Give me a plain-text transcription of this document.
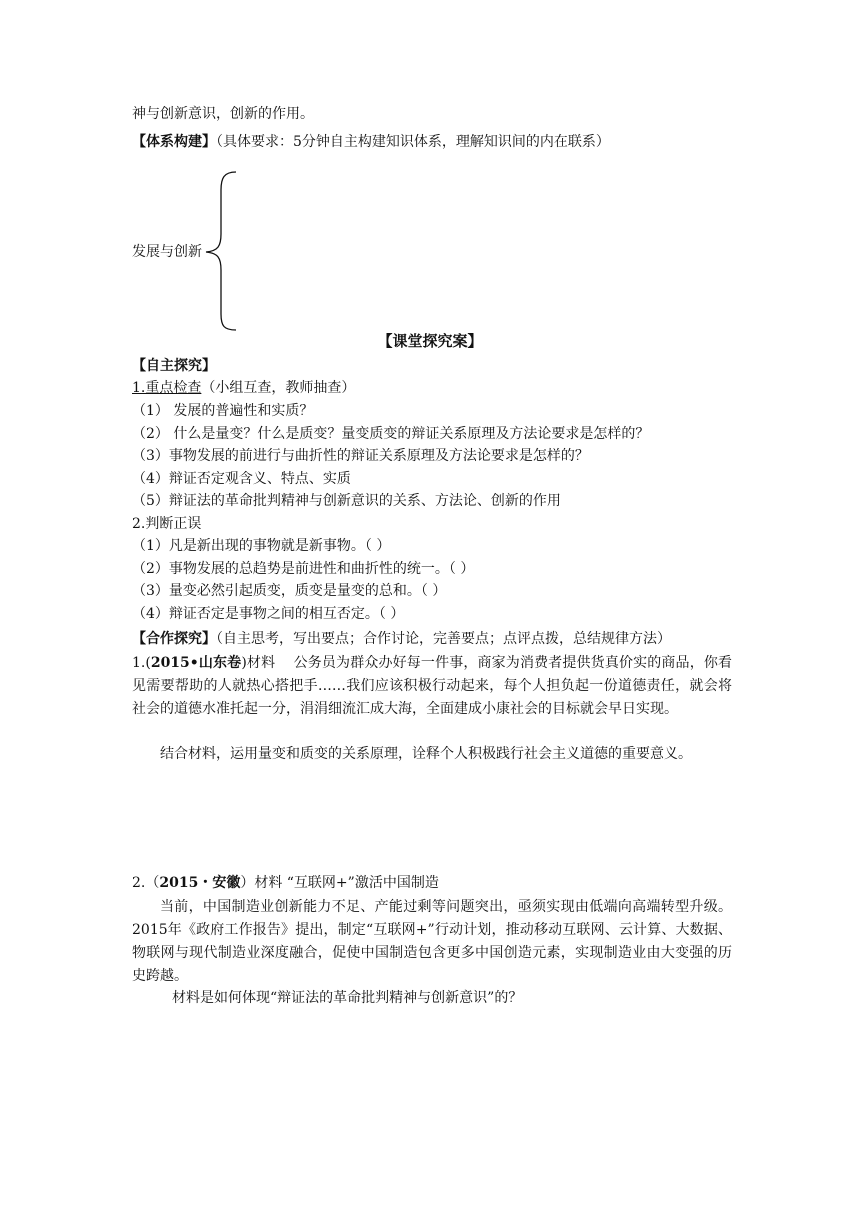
神与创新意识，创新的作用。
【体系构建】（具体要求：5分钟自主构建知识体系，理解知识间的内在联系）
发展与创新
【课堂探究案】
【自主探究】
1.重点检查（小组互查，教师抽查）
（1） 发展的普遍性和实质？
（2） 什么是量变？什么是质变？量变质变的辩证关系原理及方法论要求是怎样的？
（3）事物发展的前进行与曲折性的辩证关系原理及方法论要求是怎样的？
（4）辩证否定观含义、特点、实质
（5）辩证法的革命批判精神与创新意识的关系、方法论、创新的作用
2.判断正误
（1）凡是新出现的事物就是新事物。（ ）
（2）事物发展的总趋势是前进性和曲折性的统一。（ ）
（3）量变必然引起质变，质变是量变的总和。（ ）
（4）辩证否定是事物之间的相互否定。（ ）
【合作探究】（自主思考，写出要点；合作讨论，完善要点；点评点拨，总结规律方法）
1.(2015•山东卷)材料 公务员为群众办好每一件事，商家为消费者提供货真价实的商品，你看见需要帮助的人就热心搭把手……我们应该积极行动起来，每个人担负起一份道德责任，就会将社会的道德水准托起一分，涓涓细流汇成大海，全面建成小康社会的目标就会早日实现。
结合材料，运用量变和质变的关系原理，诠释个人积极践行社会主义道德的重要意义。
2.（2015・安徽）材料 “互联网+”激活中国制造
当前，中国制造业创新能力不足、产能过剩等问题突出，亟须实现由低端向高端转型升级。2015年《政府工作报告》提出，制定“互联网+”行动计划，推动移动互联网、云计算、大数据、物联网与现代制造业深度融合，促使中国制造包含更多中国创造元素，实现制造业由大变强的历史跨越。
材料是如何体现“辩证法的革命批判精神与创新意识”的？
